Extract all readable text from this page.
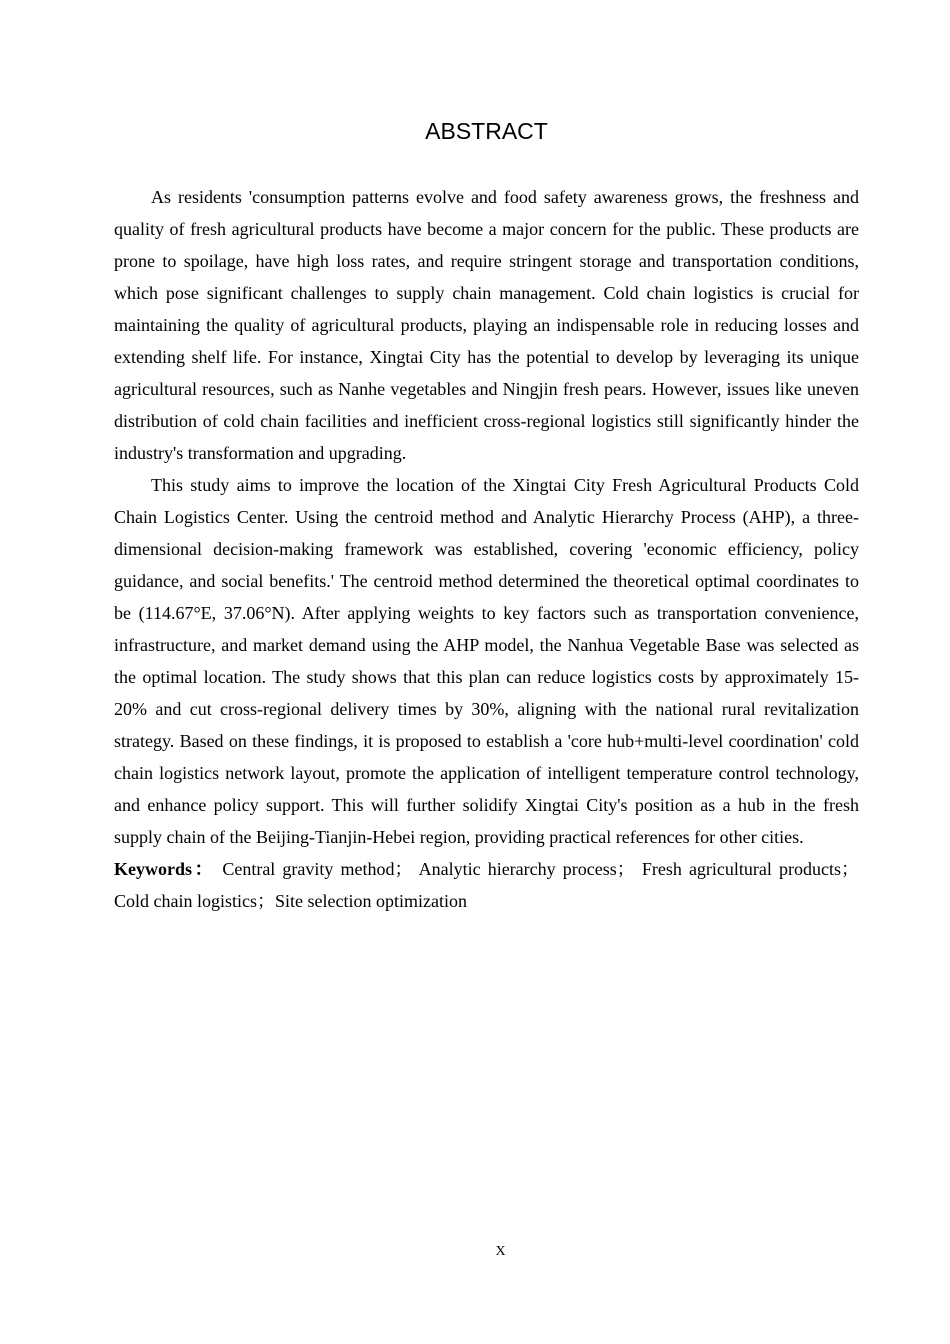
ABSTRACT

As residents 'consumption patterns evolve and food safety awareness grows, the freshness and quality of fresh agricultural products have become a major concern for the public. These products are prone to spoilage, have high loss rates, and require stringent storage and transportation conditions, which pose significant challenges to supply chain management. Cold chain logistics is crucial for maintaining the quality of agricultural products, playing an indispensable role in reducing losses and extending shelf life. For instance, Xingtai City has the potential to develop by leveraging its unique agricultural resources, such as Nanhe vegetables and Ningjin fresh pears. However, issues like uneven distribution of cold chain facilities and inefficient cross-regional logistics still significantly hinder the industry's transformation and upgrading.

This study aims to improve the location of the Xingtai City Fresh Agricultural Products Cold Chain Logistics Center. Using the centroid method and Analytic Hierarchy Process (AHP), a three-dimensional decision-making framework was established, covering 'economic efficiency, policy guidance, and social benefits.' The centroid method determined the theoretical optimal coordinates to be (114.67°E, 37.06°N). After applying weights to key factors such as transportation convenience, infrastructure, and market demand using the AHP model, the Nanhua Vegetable Base was selected as the optimal location. The study shows that this plan can reduce logistics costs by approximately 15-20% and cut cross-regional delivery times by 30%, aligning with the national rural revitalization strategy. Based on these findings, it is proposed to establish a 'core hub+multi-level coordination' cold chain logistics network layout, promote the application of intelligent temperature control technology, and enhance policy support. This will further solidify Xingtai City's position as a hub in the fresh supply chain of the Beijing-Tianjin-Hebei region, providing practical references for other cities.

Keywords： Central gravity method； Analytic hierarchy process； Fresh agricultural products；Cold chain logistics；Site selection optimization

X
